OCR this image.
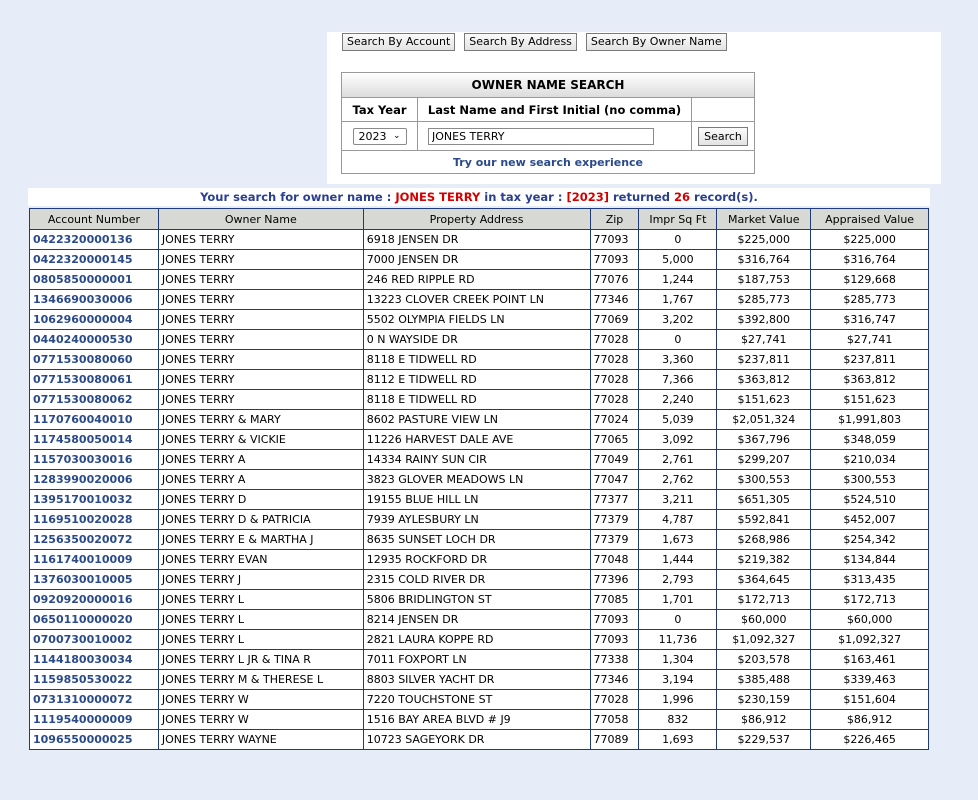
Search By Account	Search By Address	Search By Owner Name
OWNER NAME SEARCH
Tax Year	Last Name and First Initial (no comma)
2023 ⌄
JONES TERRY	Search
Try our new search experience
Your search for owner name : JONES TERRY in tax year : [2023] returned 26 record(s).
Account Number	Owner Name	Property Address	Zip	Impr Sq Ft	Market Value	Appraised Value
0422320000136	JONES TERRY	6918 JENSEN DR	77093	0	$225,000	$225,000
0422320000145	JONES TERRY	7000 JENSEN DR	77093	5,000	$316,764	$316,764
0805850000001	JONES TERRY	246 RED RIPPLE RD	77076	1,244	$187,753	$129,668
1346690030006	JONES TERRY	13223 CLOVER CREEK POINT LN	77346	1,767	$285,773	$285,773
1062960000004	JONES TERRY	5502 OLYMPIA FIELDS LN	77069	3,202	$392,800	$316,747
0440240000530	JONES TERRY	0 N WAYSIDE DR	77028	0	$27,741	$27,741
0771530080060	JONES TERRY	8118 E TIDWELL RD	77028	3,360	$237,811	$237,811
0771530080061	JONES TERRY	8112 E TIDWELL RD	77028	7,366	$363,812	$363,812
0771530080062	JONES TERRY	8118 E TIDWELL RD	77028	2,240	$151,623	$151,623
1170760040010	JONES TERRY & MARY	8602 PASTURE VIEW LN	77024	5,039	$2,051,324	$1,991,803
1174580050014	JONES TERRY & VICKIE	11226 HARVEST DALE AVE	77065	3,092	$367,796	$348,059
1157030030016	JONES TERRY A	14334 RAINY SUN CIR	77049	2,761	$299,207	$210,034
1283990020006	JONES TERRY A	3823 GLOVER MEADOWS LN	77047	2,762	$300,553	$300,553
1395170010032	JONES TERRY D	19155 BLUE HILL LN	77377	3,211	$651,305	$524,510
1169510020028	JONES TERRY D & PATRICIA	7939 AYLESBURY LN	77379	4,787	$592,841	$452,007
1256350020072	JONES TERRY E & MARTHA J	8635 SUNSET LOCH DR	77379	1,673	$268,986	$254,342
1161740010009	JONES TERRY EVAN	12935 ROCKFORD DR	77048	1,444	$219,382	$134,844
1376030010005	JONES TERRY J	2315 COLD RIVER DR	77396	2,793	$364,645	$313,435
0920920000016	JONES TERRY L	5806 BRIDLINGTON ST	77085	1,701	$172,713	$172,713
0650110000020	JONES TERRY L	8214 JENSEN DR	77093	0	$60,000	$60,000
0700730010002	JONES TERRY L	2821 LAURA KOPPE RD	77093	11,736	$1,092,327	$1,092,327
1144180030034	JONES TERRY L JR & TINA R	7011 FOXPORT LN	77338	1,304	$203,578	$163,461
1159850530022	JONES TERRY M & THERESE L	8803 SILVER YACHT DR	77346	3,194	$385,488	$339,463
0731310000072	JONES TERRY W	7220 TOUCHSTONE ST	77028	1,996	$230,159	$151,604
1119540000009	JONES TERRY W	1516 BAY AREA BLVD # J9	77058	832	$86,912	$86,912
1096550000025	JONES TERRY WAYNE	10723 SAGEYORK DR	77089	1,693	$229,537	$226,465
